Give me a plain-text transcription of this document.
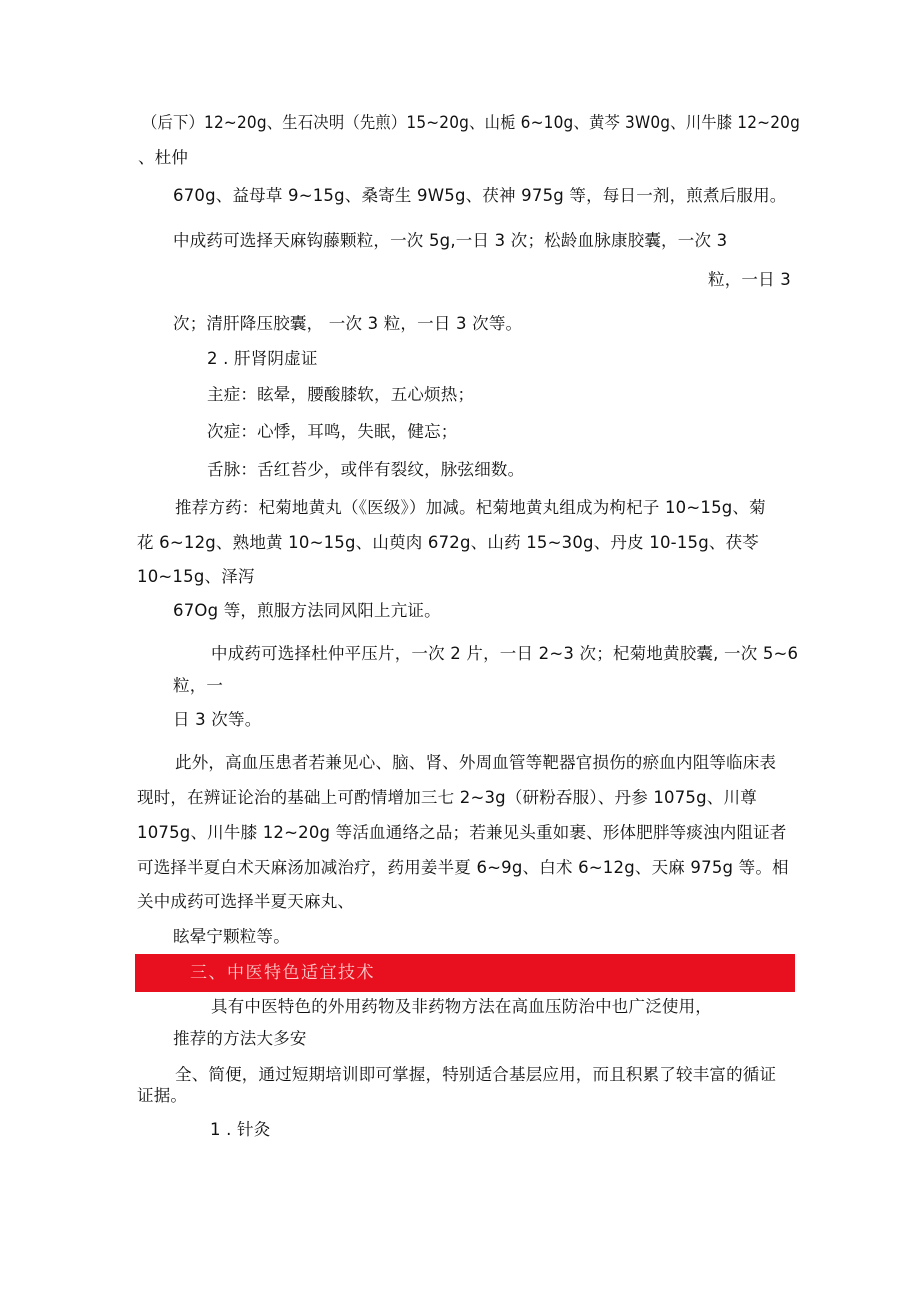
（后下）12~20g、生石决明（先煎）15~20g、山栀 6~10g、黄芩 3W0g、川牛膝 12~20g
、杜仲
670g、益母草 9~15g、桑寄生 9W5g、茯神 975g 等，每日一剂，煎煮后服用。
中成药可选择天麻钩藤颗粒，一次 5g,一日 3 次；松龄血脉康胶囊，一次 3
粒，一日 3
次；清肝降压胶囊， 一次 3 粒，一日 3 次等。
2 . 肝肾阴虚证
主症：眩晕，腰酸膝软，五心烦热；
次症：心悸，耳鸣，失眠，健忘；
舌脉：舌红苔少，或伴有裂纹，脉弦细数。
推荐方药：杞菊地黄丸（《医级》）加减。杞菊地黄丸组成为枸杞子 10~15g、菊
花 6~12g、熟地黄 10~15g、山萸肉 672g、山药 15~30g、丹皮 10-15g、茯苓
10~15g、泽泻
67Og 等，煎服方法同风阳上亢证。
中成药可选择杜仲平压片，一次 2 片，一日 2~3 次；杞菊地黄胶囊, 一次 5~6
粒，一
日 3 次等。
此外，高血压患者若兼见心、脑、肾、外周血管等靶器官损伤的瘀血内阻等临床表
现时，在辨证论治的基础上可酌情增加三七 2~3g（研粉吞服）、丹参 1075g、川尊
1075g、川牛膝 12~20g 等活血通络之品；若兼见头重如裹、形体肥胖等痰浊内阻证者
可选择半夏白术天麻汤加减治疗，药用姜半夏 6~9g、白术 6~12g、天麻 975g 等。相
关中成药可选择半夏天麻丸、
眩晕宁颗粒等。
三、中医特色适宜技术
具有中医特色的外用药物及非药物方法在高血压防治中也广泛使用，
推荐的方法大多安
全、简便，通过短期培训即可掌握，特别适合基层应用，而且积累了较丰富的循证
证据。
1 . 针灸
